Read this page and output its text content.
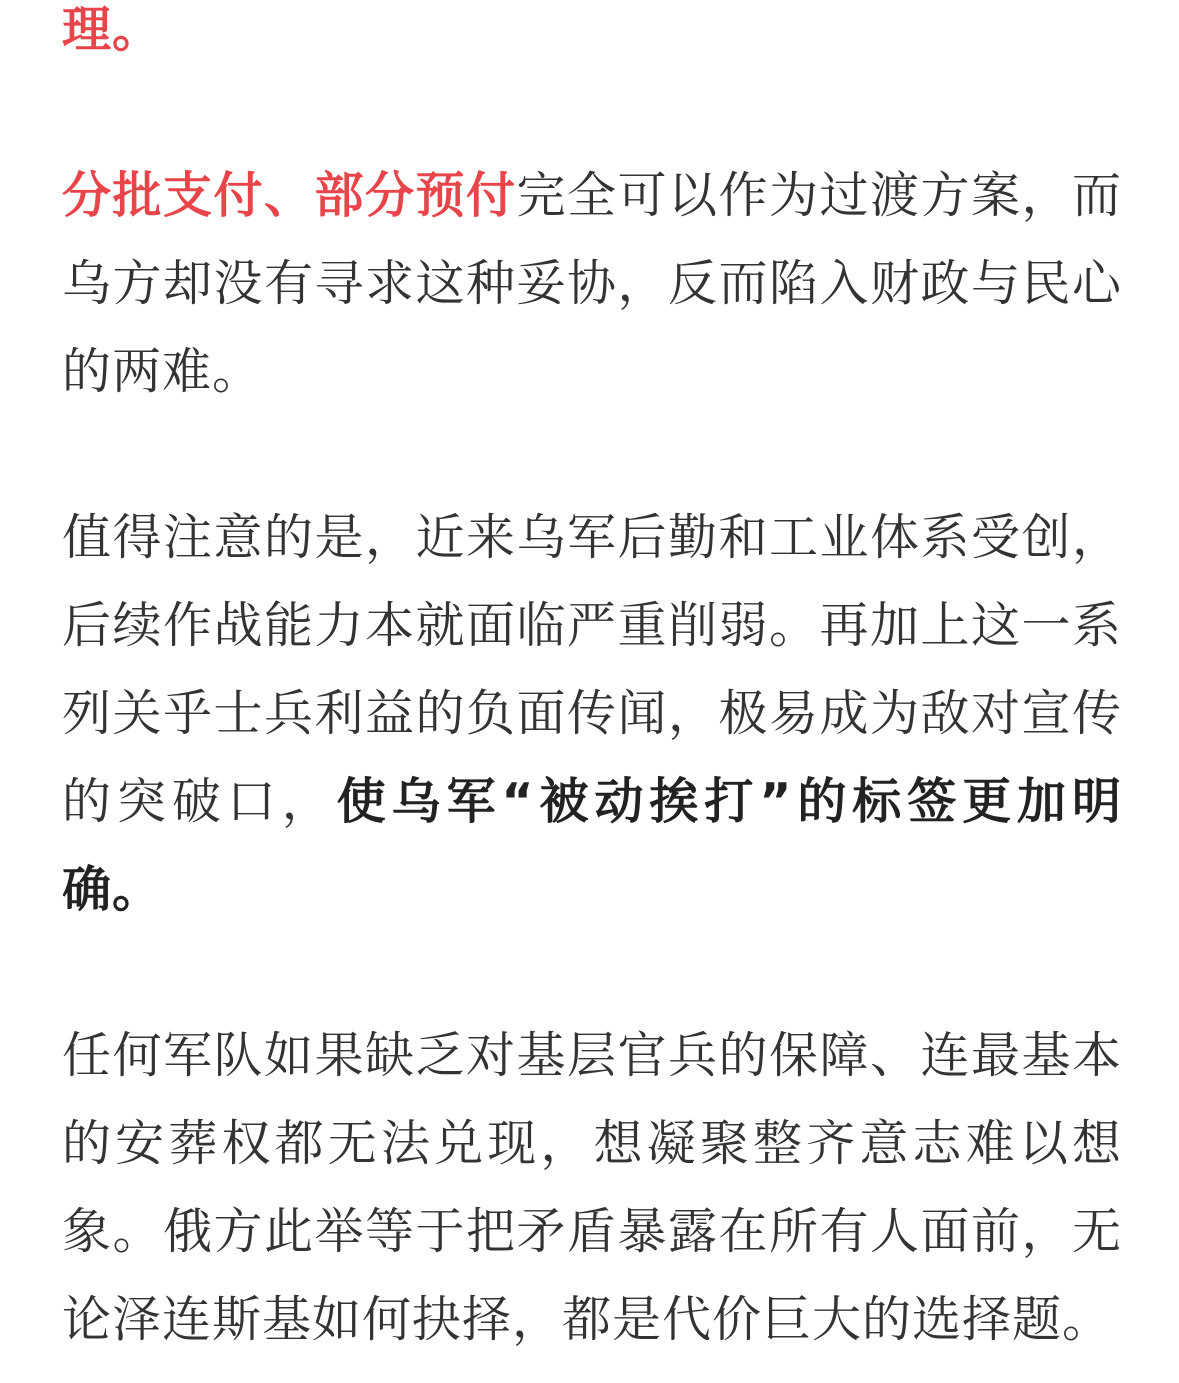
理。

分批支付、部分预付完全可以作为过渡方案，而乌方却没有寻求这种妥协，反而陷入财政与民心的两难。

值得注意的是，近来乌军后勤和工业体系受创，后续作战能力本就面临严重削弱。再加上这一系列关乎士兵利益的负面传闻，极易成为敌对宣传的突破口，使乌军“被动挨打”的标签更加明确。

任何军队如果缺乏对基层官兵的保障、连最基本的安葬权都无法兑现，想凝聚整齐意志难以想象。俄方此举等于把矛盾暴露在所有人面前，无论泽连斯基如何抉择，都是代价巨大的选择题。
